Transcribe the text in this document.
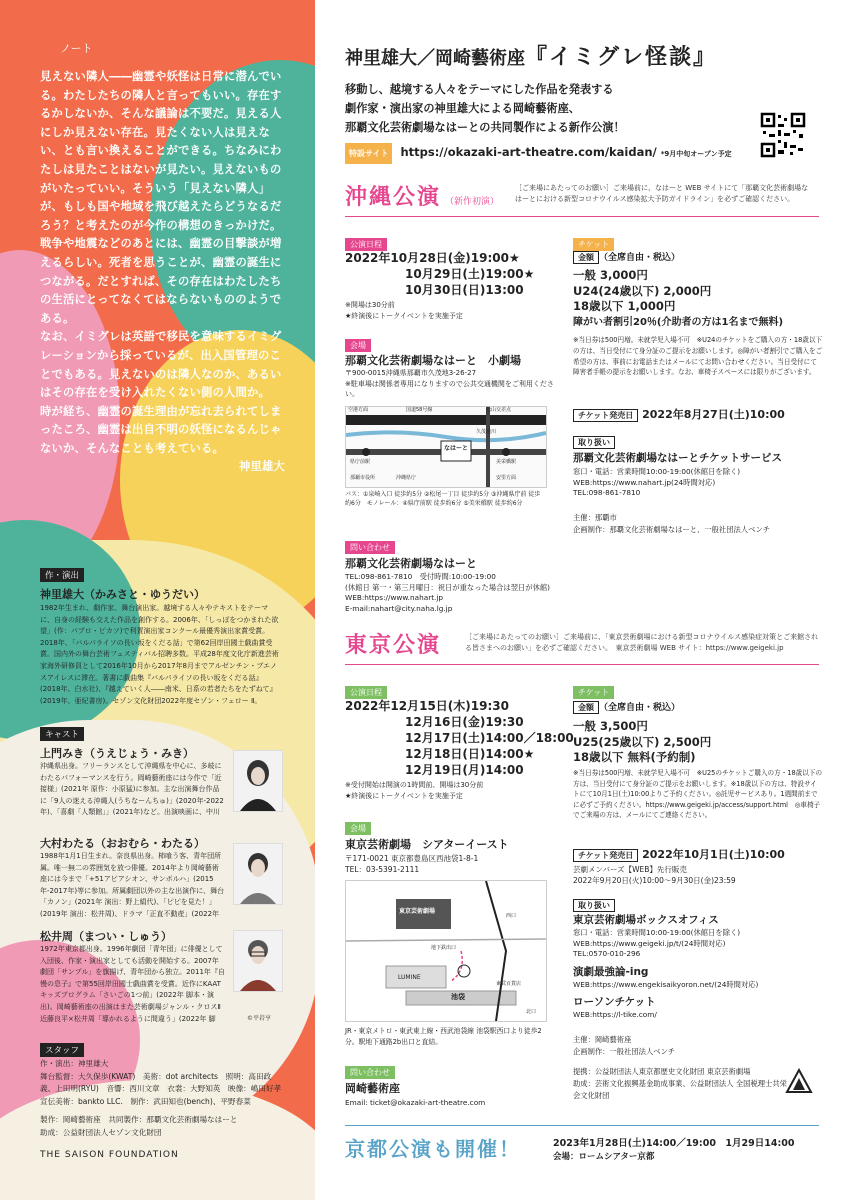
ノート

見えない隣人――幽霊や妖怪は日常に潜んでいる。わたしたちの隣人と言ってもいい。存在するかしないか、そんな議論は不要だ。見える人にしか見えない存在。見たくない人は見えない、とも言い換えることができる。ちなみにわたしは見たことはないが見たい。見えないものがいたっていい。そういう「見えない隣人」が、もしも国や地域を飛び越えたらどうなるだろう？と考えたのが今作の構想のきっかけだ。

戦争や地震などのあとには、幽霊の目撃談が増えるらしい。死者を思うことが、幽霊の誕生につながる。だとすれば、その存在はわたしたちの生活にとってなくてはならないもののようである。

なお、イミグレは英語で移民を意味するイミグレーションから採っているが、出入国管理のことでもある。見えないのは隣人なのか、あるいはその存在を受け入れたくない側の人間か。

時が経ち、幽霊の誕生理由が忘れ去られてしまったころ、幽霊は出自不明の妖怪になるんじゃないか、そんなことも考えている。

神里雄大

作・演出
神里雄大（かみさと・ゆうだい）
1982年生まれ、劇作家、舞台演出家。越境する人々やテキストをテーマに、自身の経験も交えた作品を創作する。2006年、「しっぽをつかまれた欲望」(作：パブロ・ピカソ)で利賀演出家コンクール最優秀演出家賞受賞。2018年、「バルパライソの長い坂をくだる話」で第62回岸田國士戯曲賞受賞。国内外の舞台芸術フェスティバル招聘多数。平成28年度文化庁新進芸術家海外研修員として2016年10月から2017年8月までアルゼンチン・ブエノスアイレスに滞在。著書に戯曲集『バルパライソの長い坂をくだる話』(2018年、白水社)、『越えていく人――南米、日系の若者たちをたずねて』(2019年、亜紀書房)。セゾン文化財団2022年度セゾン・フェロー Ⅱ。
キャスト
上門みき（うえじょう・みき）
沖縄県出身。フリーランスとして沖縄県を中心に、多岐にわたるパフォーマンスを行う。岡崎藝術座には今作で「近接様」(2021年 原作：小原猛)に参加。主な出演舞台作品に「9人の迷える沖縄人(うちなーんちゅ)」(2020年-2022年)、「喜劇「人類館」」(2021年)など。出演映画に、中川
大村わたる（おおむら・わたる）
1988年1月1日生まれ。奈良県出身。柿喰う客、青年団所属。唯一無二の雰囲気を放つ俳優。2014年より岡崎藝術座には今まで「+51アビアシオン、サンボルハ」(2015年-2017年)等に参加。所属劇団以外の主な出演作に、舞台「カノン」(2021年 演出：野上絹代)、「ピピを見た！」(2019年 演出：松井周)、ドラマ「正直不動産」(2022年
松井周（まつい・しゅう）
1972年東京都出身。1996年劇団「青年団」に俳優として入団後、作家・演出家としても活動を開始する。2007年劇団「サンプル」を旗揚げ、青年団から独立。2011年『自慢の息子』で第55回岸田國士戯曲賞を受賞。近作にKAATキッズプログラム「さいごの1つ前」(2022年 脚本・演出)。岡崎藝術座の出演はまた芸術劇場ジャンル・クロスⅡ 近藤良平×松井周「導かれるように間違う」(2022年 脚	©平岩亨
スタッフ
作・演出：神里雄大
舞台監督：大久保歩(KWAT)　美術：dot architects　照明：高田政義、上田明(RYU)　音響：西川文章　衣裳：大野知英　映像：嶋田好孝　宣伝美術：bankto LLC.　制作：武田知也(bench)、平野春菜
製作：岡崎藝術座　共同製作：那覇文化芸術劇場なはーと
助成：公益財団法人セゾン文化財団
THE SAISON FOUNDATION
神里雄大／岡崎藝術座『イミグレ怪談』
移動し、越境する人々をテーマにした作品を発表する
劇作家・演出家の神里雄大による岡崎藝術座、
那覇文化芸術劇場なはーとの共同製作による新作公演！
特設サイト https://okazaki-art-theatre.com/kaidan/ *9月中旬オープン予定
沖縄公演 （新作初演）
［ご来場にあたってのお願い］ご来場前に、なはーと WEB サイトにて「那覇文化芸術劇場なはーとにおける新型コロナウイルス感染拡大予防ガイドライン」を必ずご確認ください。
公演日程
2022年10月28日(金)19:00★
10月29日(土)19:00★
10月30日(日)13:00
※開場は30分前
★終演後にトークイベントを実施予定
会場
那覇文化芸術劇場なはーと　小劇場
〒900-0015沖縄県那覇市久茂地3-26-27
※駐車場は関係者専用になりますので公共交通機関をご利用ください。
空港方面	国道58号線	松山交差点
久茂地川
県庁前駅	美栄橋駅
なはーと
那覇市役所	沖縄県庁	安里方面
バス：①泉崎入口 徒歩約5分 ②松尾一丁目 徒歩約5分 ③沖縄県庁前 徒歩約6分　モノレール：④県庁前駅 徒歩約6分 ⑤美栄橋駅 徒歩約6分
問い合わせ
那覇文化芸術劇場なはーと
TEL:098-861-7810　受付時間:10:00-19:00
(休館日 第一・第三月曜日：祝日が重なった場合は翌日が休館)
WEB:https://www.nahart.jp
E-mail:nahart@city.naha.lg.jp
チケット
金額 （全席自由・税込）
一般 3,000円
U24(24歳以下) 2,000円
18歳以下 1,000円
障がい者割引20％(介助者の方は1名まで無料)
※当日券は500円増。未就学児入場不可　※U24のチケットをご購入の方・18歳以下の方は、当日受付にて身分証のご提示をお願いします。◎障がい者割引でご購入をご希望の方は、事前にお電話またはメールにてお問い合わせください。当日受付にて障害者手帳の提示をお願いします。なお、車椅子スペースには限りがございます。
チケット発売日 2022年8月27日(土)10:00
取り扱い
那覇文化芸術劇場なはーとチケットサービス
窓口・電話：営業時間10:00-19:00(休館日を除く)
WEB:https://www.nahart.jp(24時間対応)
TEL:098-861-7810
主催：那覇市
企画制作：那覇文化芸術劇場なはーと、一般社団法人ベンチ
東京公演	［ご来場にあたってのお願い］ご来場前に、「東京芸術劇場における新型コロナウイルス感染症対策とご来館される皆さまへのお願い」を必ずご確認ください。　東京芸術劇場 WEB サイト：https://www.geigeki.jp
公演日程
2022年12月15日(木)19:30
12月16日(金)19:30
12月17日(土)14:00／18:00
12月18日(日)14:00★
12月19日(月)14:00
※受付開始は開演の1時間前、開場は30分前
★終演後にトークイベントを実施予定
会場
東京芸術劇場　シアターイースト
〒171-0021 東京都豊島区西池袋1-8-1
TEL：03-5391-2111
東京芸術劇場
池袋
LUMINE
西口
東武百貨店
北口
地下鉄出口
JR・東京メトロ・東武東上線・西武池袋線 池袋駅西口より徒歩2分。駅地下通路2b出口と直結。
問い合わせ
岡崎藝術座
Email: ticket@okazaki-art-theatre.com
チケット
金額 （全席自由・税込）
一般 3,500円
U25(25歳以下) 2,500円
18歳以下 無料(予約制)
※当日券は500円増、未就学児入場不可　※U25のチケットご購入の方・18歳以下の方は、当日受付にて身分証のご提示をお願いします。※18歳以下の方は、特設サイトにて10月1日(土)10:00よりご予約ください。◎託児サービスあり。1週間前までに必ずご予約ください。https://www.geigeki.jp/access/support.html　◎車椅子でご来場の方は、メールにてご連絡ください。
チケット発売日 2022年10月1日(土)10:00
芸劇メンバーズ【WEB】先行販売
2022年9月20日(火)10:00〜9月30日(金)23:59
取り扱い
東京芸術劇場ボックスオフィス
窓口・電話：営業時間10:00-19:00(休館日を除く)
WEB:https://www.geigeki.jp/t/(24時間対応)
TEL:0570-010-296
演劇最強論-ing
WEB:https://www.engekisaikyoron.net/(24時間対応)
ローソンチケット
WEB:https://l-tike.com/
主催：岡崎藝術座
企画制作：一般社団法人ベンチ
提携：公益財団法人東京都歴史文化財団 東京芸術劇場
助成：芸術文化振興基金助成事業、公益財団法人 全国税理士共栄会文化財団
京都公演も開催！	2023年1月28日(土)14:00／19:00　1月29日14:00
会場：ロームシアター京都
